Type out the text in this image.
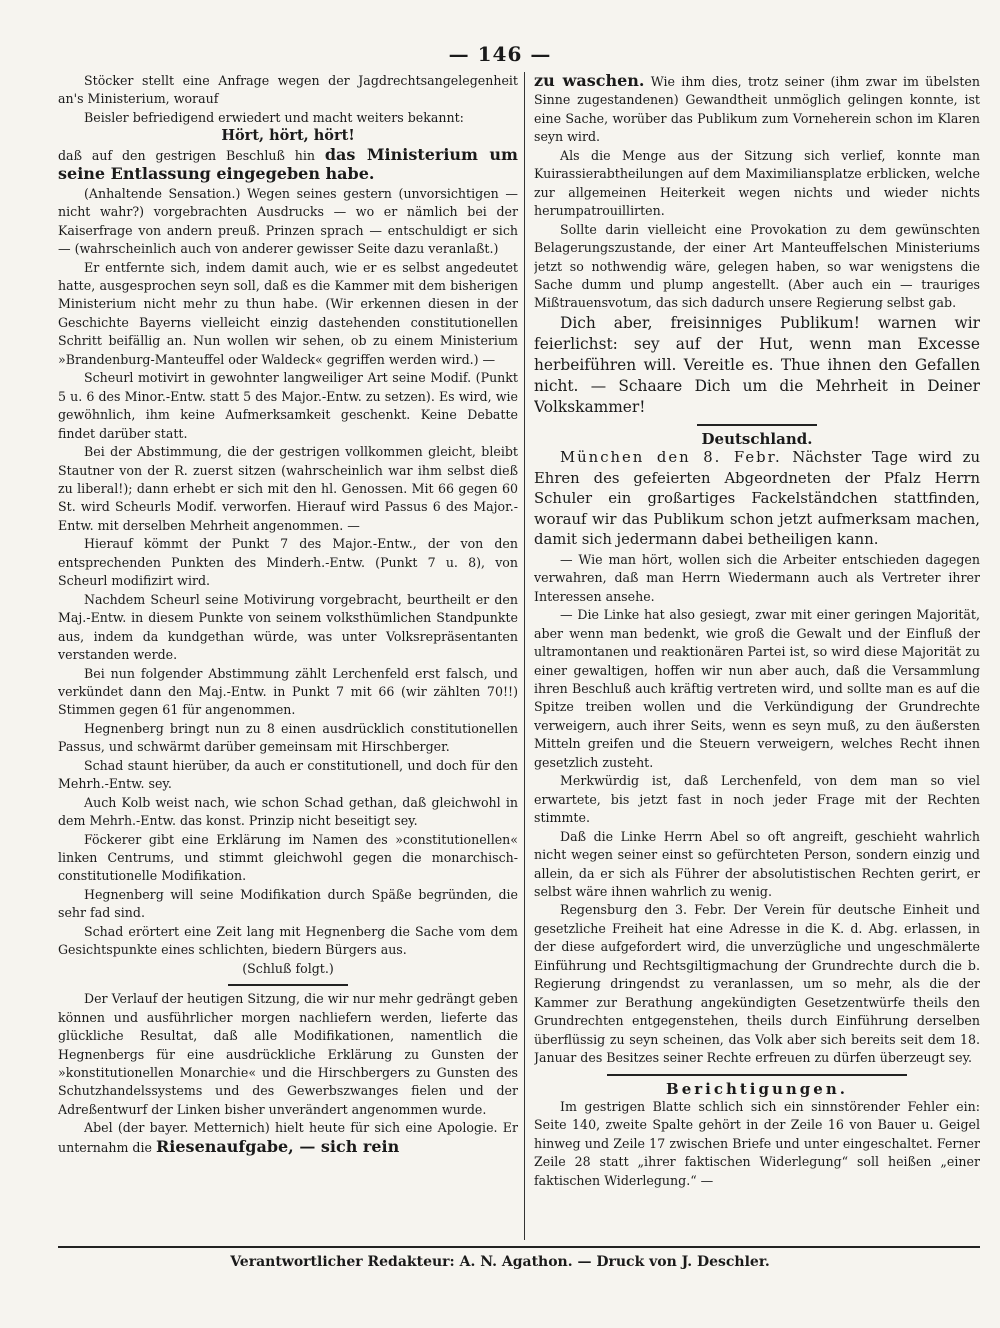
— 146 —

Stöcker stellt eine Anfrage wegen der Jagdrechtsangelegenheit an's Ministerium, worauf

Beisler befriedigend erwiedert und macht weiters bekannt:

Hört, hört, hört!

daß auf den gestrigen Beschluß hin das Ministerium um seine Entlassung eingegeben habe.

(Anhaltende Sensation.) Wegen seines gestern (unvorsichtigen — nicht wahr?) vorgebrachten Ausdrucks — wo er nämlich bei der Kaiserfrage von andern preuß. Prinzen sprach — entschuldigt er sich — (wahrscheinlich auch von anderer gewisser Seite dazu veranlaßt.)

Er entfernte sich, indem damit auch, wie er es selbst angedeutet hatte, ausgesprochen seyn soll, daß es die Kammer mit dem bisherigen Ministerium nicht mehr zu thun habe. (Wir erkennen diesen in der Geschichte Bayerns vielleicht einzig dastehenden constitutionellen Schritt beifällig an. Nun wollen wir sehen, ob zu einem Ministerium »Brandenburg-Manteuffel oder Waldeck« gegriffen werden wird.) —

Scheurl motivirt in gewohnter langweiliger Art seine Modif. (Punkt 5 u. 6 des Minor.-Entw. statt 5 des Major.-Entw. zu setzen). Es wird, wie gewöhnlich, ihm keine Aufmerksamkeit geschenkt. Keine Debatte findet darüber statt.

Bei der Abstimmung, die der gestrigen vollkommen gleicht, bleibt Stautner von der R. zuerst sitzen (wahrscheinlich war ihm selbst dieß zu liberal!); dann erhebt er sich mit den hl. Genossen. Mit 66 gegen 60 St. wird Scheurls Modif. verworfen. Hierauf wird Passus 6 des Major.-Entw. mit derselben Mehrheit angenommen. —

Hierauf kömmt der Punkt 7 des Major.-Entw., der von den entsprechenden Punkten des Minderh.-Entw. (Punkt 7 u. 8), von Scheurl modifizirt wird.

Nachdem Scheurl seine Motivirung vorgebracht, beurtheilt er den Maj.-Entw. in diesem Punkte von seinem volksthümlichen Standpunkte aus, indem da kundgethan würde, was unter Volksrepräsentanten verstanden werde.

Bei nun folgender Abstimmung zählt Lerchenfeld erst falsch, und verkündet dann den Maj.-Entw. in Punkt 7 mit 66 (wir zählten 70!!) Stimmen gegen 61 für angenommen.

Hegnenberg bringt nun zu 8 einen ausdrücklich constitutionellen Passus, und schwärmt darüber gemeinsam mit Hirschberger.

Schad staunt hierüber, da auch er constitutionell, und doch für den Mehrh.-Entw. sey.

Auch Kolb weist nach, wie schon Schad gethan, daß gleichwohl in dem Mehrh.-Entw. das konst. Prinzip nicht beseitigt sey.

Föckerer gibt eine Erklärung im Namen des »constitutionellen« linken Centrums, und stimmt gleichwohl gegen die monarchisch-constitutionelle Modifikation.

Hegnenberg will seine Modifikation durch Späße begründen, die sehr fad sind.

Schad erörtert eine Zeit lang mit Hegnenberg die Sache vom dem Gesichtspunkte eines schlichten, biedern Bürgers aus.

(Schluß folgt.)

Der Verlauf der heutigen Sitzung, die wir nur mehr gedrängt geben können und ausführlicher morgen nachliefern werden, lieferte das glückliche Resultat, daß alle Modifikationen, namentlich die Hegnenbergs für eine ausdrückliche Erklärung zu Gunsten der »konstitutionellen Monarchie« und die Hirschbergers zu Gunsten des Schutzhandelssystems und des Gewerbszwanges fielen und der Adreßentwurf der Linken bisher unverändert angenommen wurde.

Abel (der bayer. Metternich) hielt heute für sich eine Apologie. Er unternahm die Riesenaufgabe, — sich rein

zu waschen. Wie ihm dies, trotz seiner (ihm zwar im übelsten Sinne zugestandenen) Gewandtheit unmöglich gelingen konnte, ist eine Sache, worüber das Publikum zum Vorneherein schon im Klaren seyn wird.

Als die Menge aus der Sitzung sich verlief, konnte man Kuirassierabtheilungen auf dem Maximiliansplatze erblicken, welche zur allgemeinen Heiterkeit wegen nichts und wieder nichts herumpatrouillirten.

Sollte darin vielleicht eine Provokation zu dem gewünschten Belagerungszustande, der einer Art Manteuffelschen Ministeriums jetzt so nothwendig wäre, gelegen haben, so war wenigstens die Sache dumm und plump angestellt. (Aber auch ein — trauriges Mißtrauensvotum, das sich dadurch unsere Regierung selbst gab.

Dich aber, freisinniges Publikum! warnen wir feierlichst: sey auf der Hut, wenn man Excesse herbeiführen will. Vereitle es. Thue ihnen den Gefallen nicht. — Schaare Dich um die Mehrheit in Deiner Volkskammer!

Deutschland.

München den 8. Febr. Nächster Tage wird zu Ehren des gefeierten Abgeordneten der Pfalz Herrn Schuler ein großartiges Fackelständchen stattfinden, worauf wir das Publikum schon jetzt aufmerksam machen, damit sich jedermann dabei betheiligen kann.

— Wie man hört, wollen sich die Arbeiter entschieden dagegen verwahren, daß man Herrn Wiedermann auch als Vertreter ihrer Interessen ansehe.

— Die Linke hat also gesiegt, zwar mit einer geringen Majorität, aber wenn man bedenkt, wie groß die Gewalt und der Einfluß der ultramontanen und reaktionären Partei ist, so wird diese Majorität zu einer gewaltigen, hoffen wir nun aber auch, daß die Versammlung ihren Beschluß auch kräftig vertreten wird, und sollte man es auf die Spitze treiben wollen und die Verkündigung der Grundrechte verweigern, auch ihrer Seits, wenn es seyn muß, zu den äußersten Mitteln greifen und die Steuern verweigern, welches Recht ihnen gesetzlich zusteht.

Merkwürdig ist, daß Lerchenfeld, von dem man so viel erwartete, bis jetzt fast in noch jeder Frage mit der Rechten stimmte.

Daß die Linke Herrn Abel so oft angreift, geschieht wahrlich nicht wegen seiner einst so gefürchteten Person, sondern einzig und allein, da er sich als Führer der absolutistischen Rechten gerirt, er selbst wäre ihnen wahrlich zu wenig.

Regensburg den 3. Febr. Der Verein für deutsche Einheit und gesetzliche Freiheit hat eine Adresse in die K. d. Abg. erlassen, in der diese aufgefordert wird, die unverzügliche und ungeschmälerte Einführung und Rechtsgiltigmachung der Grundrechte durch die b. Regierung dringendst zu veranlassen, um so mehr, als die der Kammer zur Berathung angekündigten Gesetzentwürfe theils den Grundrechten entgegenstehen, theils durch Einführung derselben überflüssig zu seyn scheinen, das Volk aber sich bereits seit dem 18. Januar des Besitzes seiner Rechte erfreuen zu dürfen überzeugt sey.

Berichtigungen.

Im gestrigen Blatte schlich sich ein sinnstörender Fehler ein: Seite 140, zweite Spalte gehört in der Zeile 16 von Bauer u. Geigel hinweg und Zeile 17 zwischen Briefe und unter eingeschaltet. Ferner Zeile 28 statt „ihrer faktischen Widerlegung“ soll heißen „einer faktischen Widerlegung.“ —

Verantwortlicher Redakteur: A. N. Agathon. — Druck von J. Deschler.
